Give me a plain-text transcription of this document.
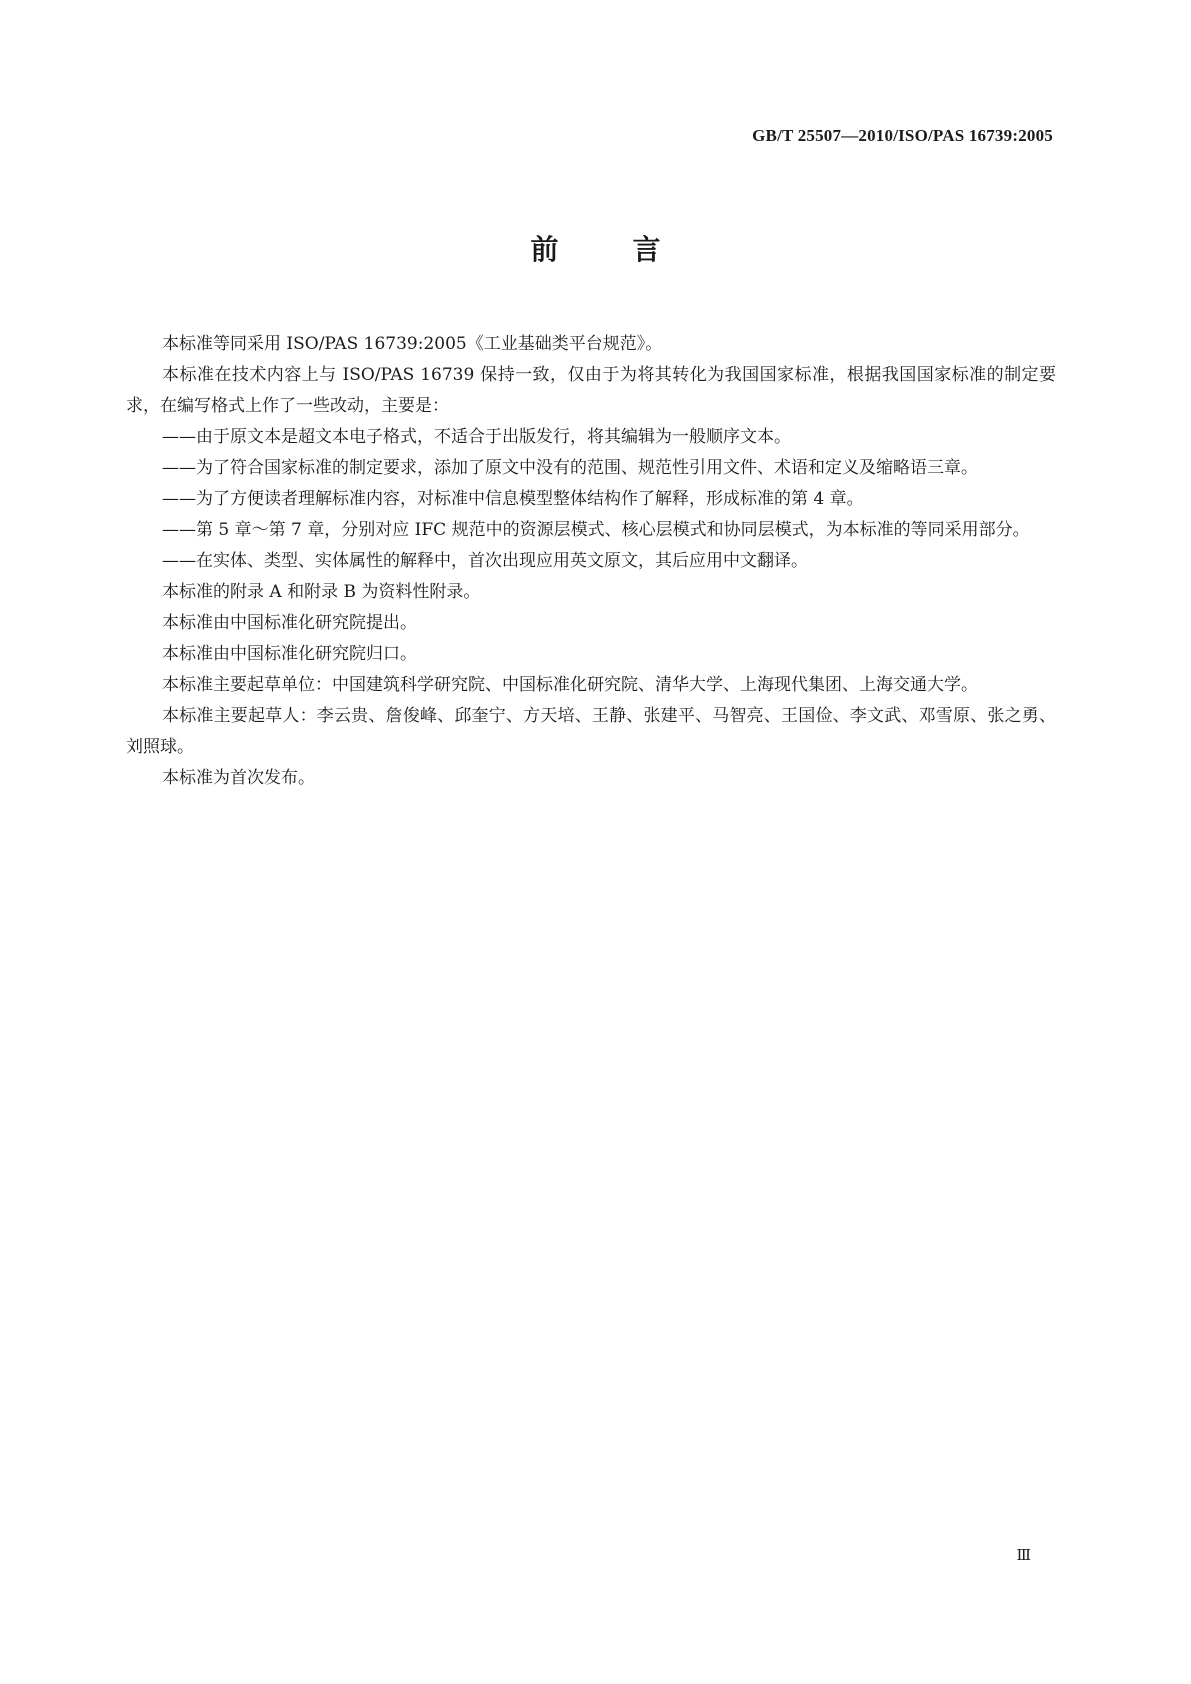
GB/T 25507—2010/ISO/PAS 16739:2005
前	言

本标准等同采用 ISO/PAS 16739:2005《工业基础类平台规范》。

本标准在技术内容上与 ISO/PAS 16739 保持一致，仅由于为将其转化为我国国家标准，根据我国国家标准的制定要求，在编写格式上作了一些改动，主要是：

——由于原文本是超文本电子格式，不适合于出版发行，将其编辑为一般顺序文本。

——为了符合国家标准的制定要求，添加了原文中没有的范围、规范性引用文件、术语和定义及缩略语三章。

——为了方便读者理解标准内容，对标准中信息模型整体结构作了解释，形成标准的第 4 章。

——第 5 章～第 7 章，分别对应 IFC 规范中的资源层模式、核心层模式和协同层模式，为本标准的等同采用部分。

——在实体、类型、实体属性的解释中，首次出现应用英文原文，其后应用中文翻译。

本标准的附录 A 和附录 B 为资料性附录。

本标准由中国标准化研究院提出。

本标准由中国标准化研究院归口。

本标准主要起草单位：中国建筑科学研究院、中国标准化研究院、清华大学、上海现代集团、上海交通大学。

本标准主要起草人：李云贵、詹俊峰、邱奎宁、方天培、王静、张建平、马智亮、王国俭、李文武、邓雪原、张之勇、刘照球。

本标准为首次发布。

Ⅲ
